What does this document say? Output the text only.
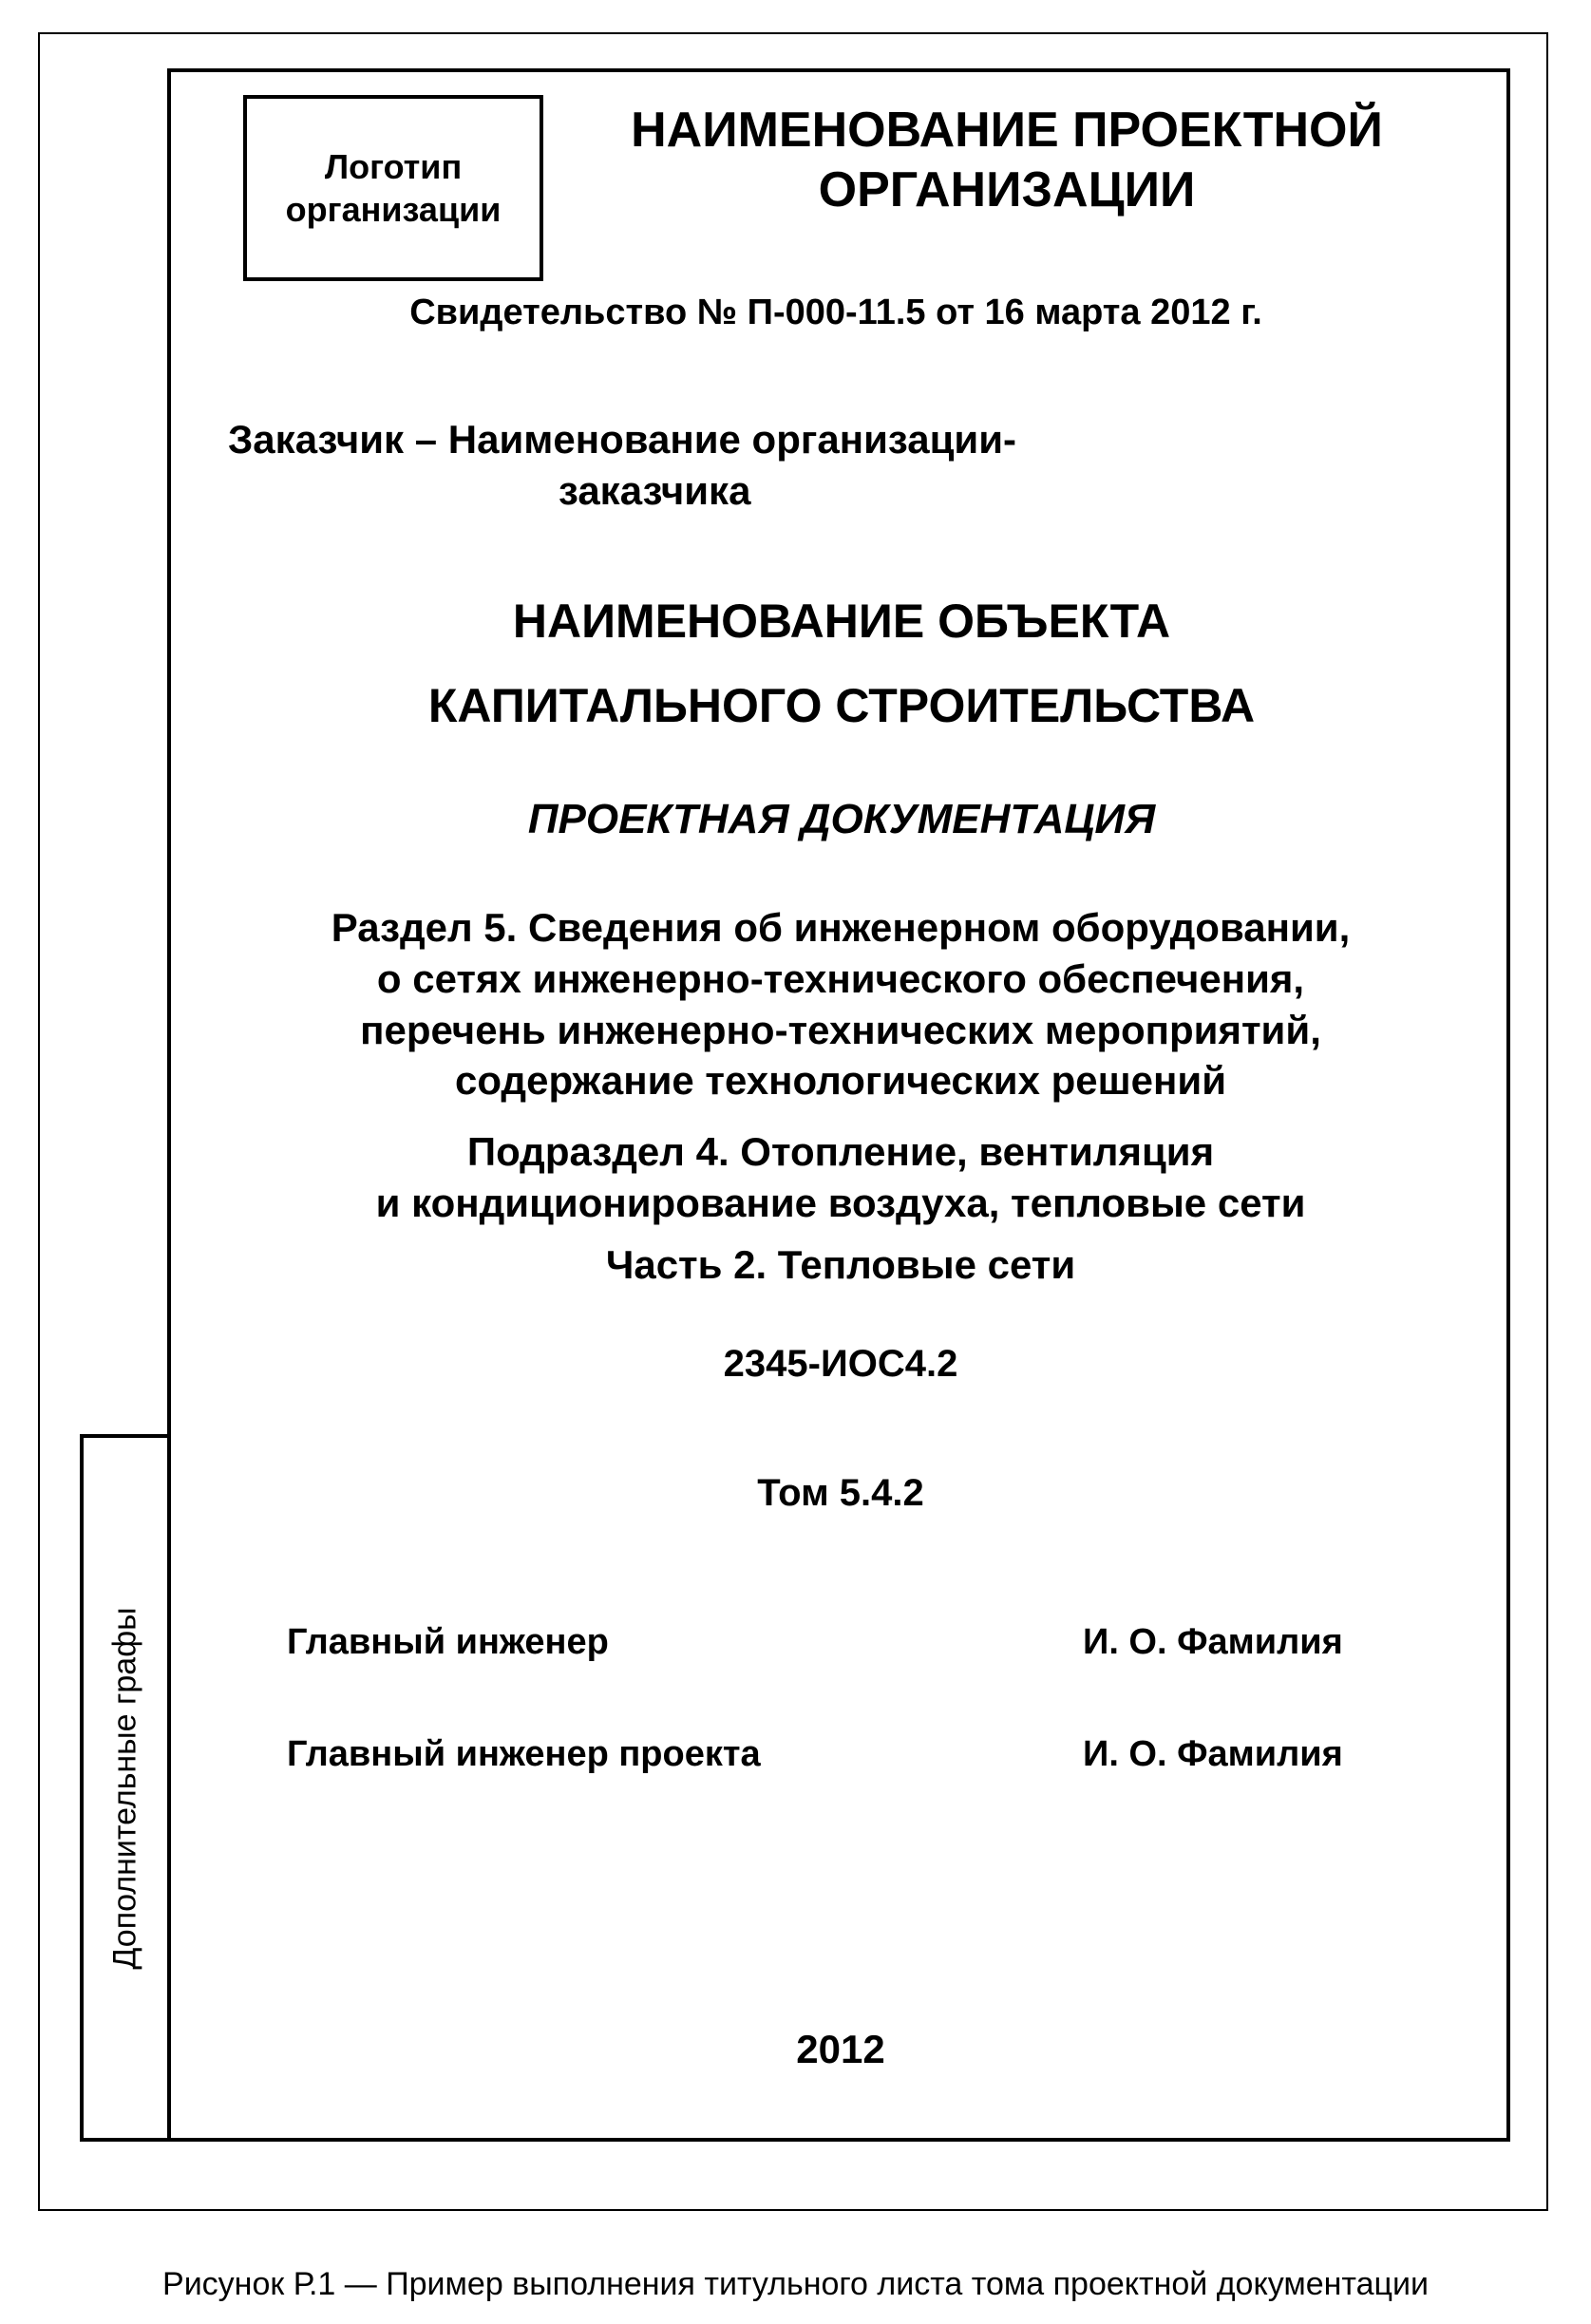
Дополнительные графы
Логотип
организации
НАИМЕНОВАНИЕ ПРОЕКТНОЙ
ОРГАНИЗАЦИИ
Свидетельство № П-000-11.5 от 16 марта 2012 г.
Заказчик – Наименование организации-
заказчика
НАИМЕНОВАНИЕ ОБЪЕКТА
КАПИТАЛЬНОГО СТРОИТЕЛЬСТВА
ПРОЕКТНАЯ ДОКУМЕНТАЦИЯ
Раздел 5. Сведения об инженерном оборудовании,
о сетях инженерно-технического обеспечения,
перечень инженерно-технических мероприятий,
содержание технологических решений
Подраздел 4. Отопление, вентиляция
и кондиционирование воздуха, тепловые сети
Часть 2. Тепловые сети
2345-ИОС4.2
Том 5.4.2
Главный инженер	И. О. Фамилия
Главный инженер проекта	И. О. Фамилия
2012
Рисунок Р.1 — Пример выполнения титульного листа тома проектной документации
